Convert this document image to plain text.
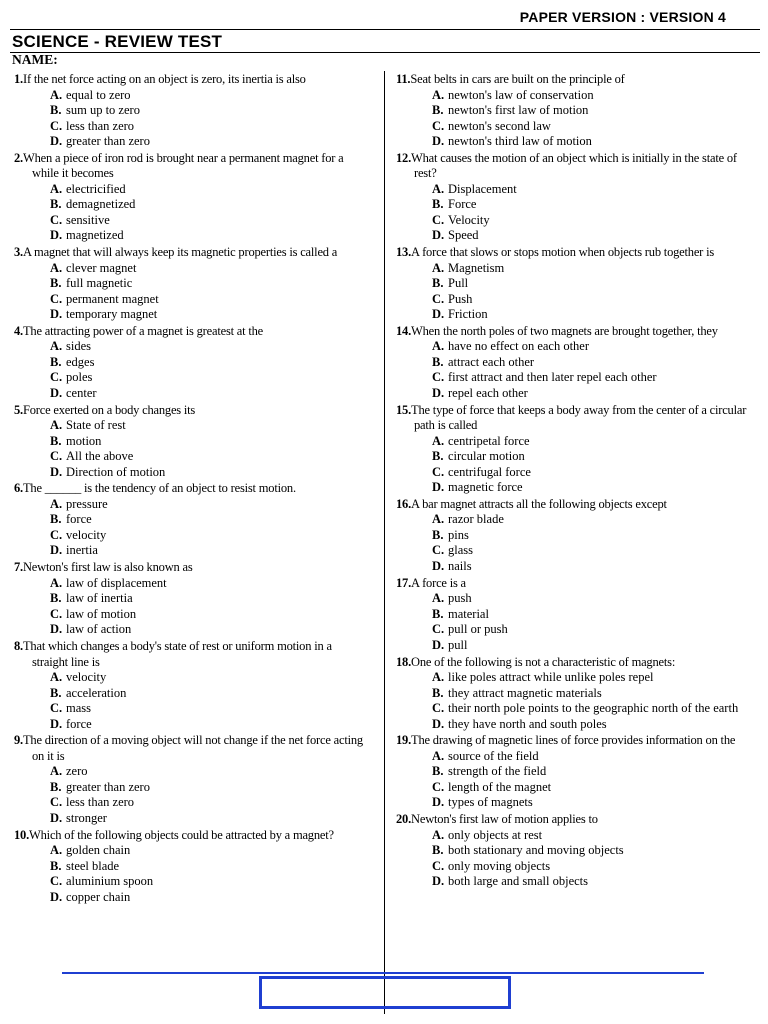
PAPER VERSION : VERSION 4
SCIENCE - REVIEW TEST
NAME:
1.If the net force acting on an object is zero, its inertia is also
A. equal to zero
B. sum up to zero
C. less than zero
D. greater than zero
2.When a piece of iron rod is brought near a permanent magnet for a while it becomes
A. electricified
B. demagnetized
C. sensitive
D. magnetized
3.A magnet that will always keep its magnetic properties is called a
A. clever magnet
B. full magnetic
C. permanent magnet
D. temporary magnet
4.The attracting power of a magnet is greatest at the
A. sides
B. edges
C. poles
D. center
5.Force exerted on a body changes its
A. State of rest
B. motion
C. All the above
D. Direction of motion
6.The ______ is the tendency of an object to resist motion.
A. pressure
B. force
C. velocity
D. inertia
7.Newton's first law is also known as
A. law of displacement
B. law of inertia
C. law of motion
D. law of action
8.That which changes a body's state of rest or uniform motion in a straight line is
A. velocity
B. acceleration
C. mass
D. force
9.The direction of a moving object will not change if the net force acting on it is
A. zero
B. greater than zero
C. less than zero
D. stronger
10.Which of the following objects could be attracted by a magnet?
A. golden chain
B. steel blade
C. aluminium spoon
D. copper chain
11.Seat belts in cars are built on the principle of
A. newton's law of conservation
B. newton's first law of motion
C. newton's second law
D. newton's third law of motion
12.What causes the motion of an object which is initially in the state of rest?
A. Displacement
B. Force
C. Velocity
D. Speed
13.A force that slows or stops motion when objects rub together is
A. Magnetism
B. Pull
C. Push
D. Friction
14.When the north poles of two magnets are brought together, they
A. have no effect on each other
B. attract each other
C. first attract and then later repel each other
D. repel each other
15.The type of force that keeps a body away from the center of a circular path is called
A. centripetal force
B. circular motion
C. centrifugal force
D. magnetic force
16.A bar magnet attracts all the following objects except
A. razor blade
B. pins
C. glass
D. nails
17.A force is a
A. push
B. material
C. pull or push
D. pull
18.One of the following is not a characteristic of magnets:
A. like poles attract while unlike poles repel
B. they attract magnetic materials
C. their north pole points to the geographic north of the earth
D. they have north and south poles
19.The drawing of magnetic lines of force provides information on the
A. source of the field
B. strength of the field
C. length of the magnet
D. types of magnets
20.Newton's first law of motion applies to
A. only objects at rest
B. both stationary and moving objects
C. only moving objects
D. both large and small objects
